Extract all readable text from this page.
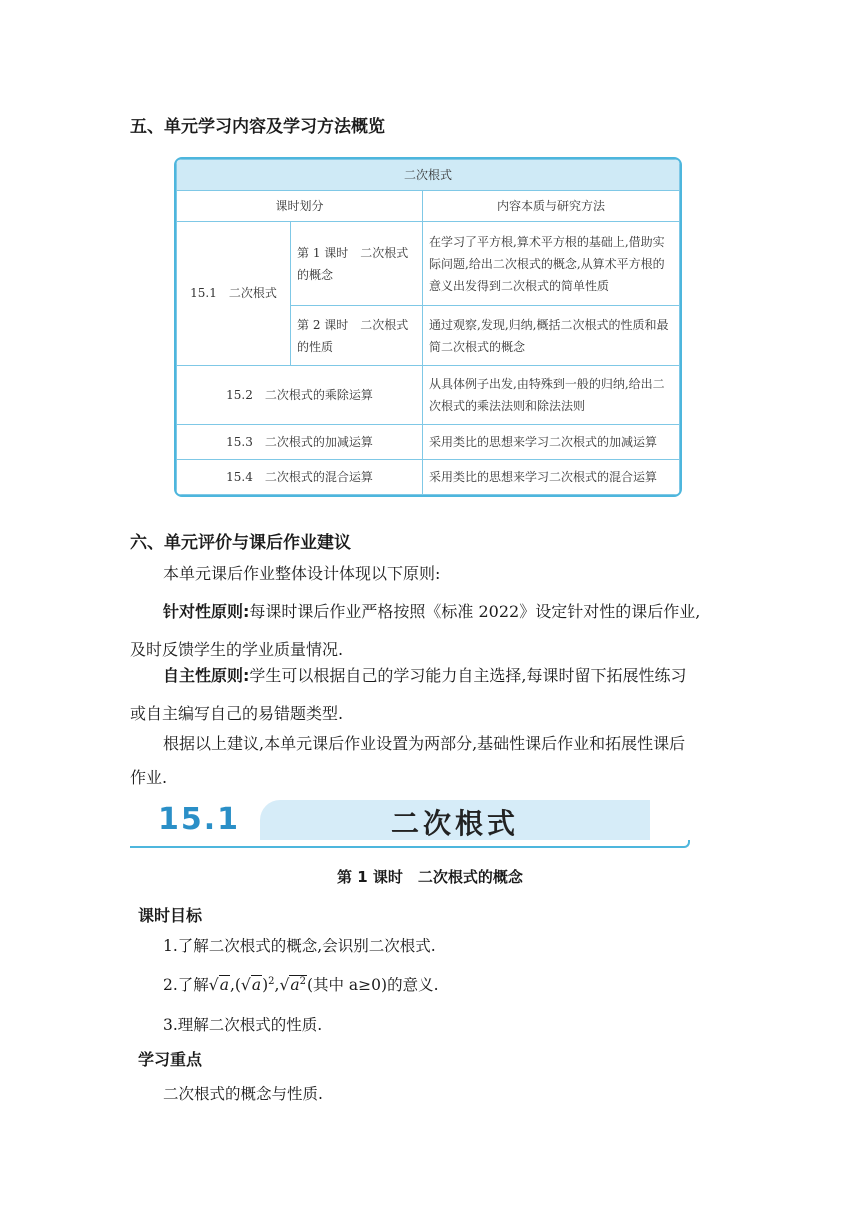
五、单元学习内容及学习方法概览
二次根式		
课时划分		内容本质与研究方法
15.1　二次根式	第 1 课时　二次根式的概念	在学习了平方根,算术平方根的基础上,借助实际问题,给出二次根式的概念,从算术平方根的意义出发得到二次根式的简单性质
	第 2 课时　二次根式的性质	通过观察,发现,归纳,概括二次根式的性质和最简二次根式的概念
15.2　二次根式的乘除运算		从具体例子出发,由特殊到一般的归纳,给出二次根式的乘法法则和除法法则
15.3　二次根式的加减运算		采用类比的思想来学习二次根式的加减运算
15.4　二次根式的混合运算		采用类比的思想来学习二次根式的混合运算
六、单元评价与课后作业建议
本单元课后作业整体设计体现以下原则:
针对性原则:每课时课后作业严格按照《标准 2022》设定针对性的课后作业,
及时反馈学生的学业质量情况.
自主性原则:学生可以根据自己的学习能力自主选择,每课时留下拓展性练习
或自主编写自己的易错题类型.
根据以上建议,本单元课后作业设置为两部分,基础性课后作业和拓展性课后
作业.
15.1	二次根式
第 1 课时　二次根式的概念
课时目标
1.了解二次根式的概念,会识别二次根式.
2.了解$√a,(√a)^2,√a^2$(其中 a≥0)的意义.
3.理解二次根式的性质.
学习重点
二次根式的概念与性质.
